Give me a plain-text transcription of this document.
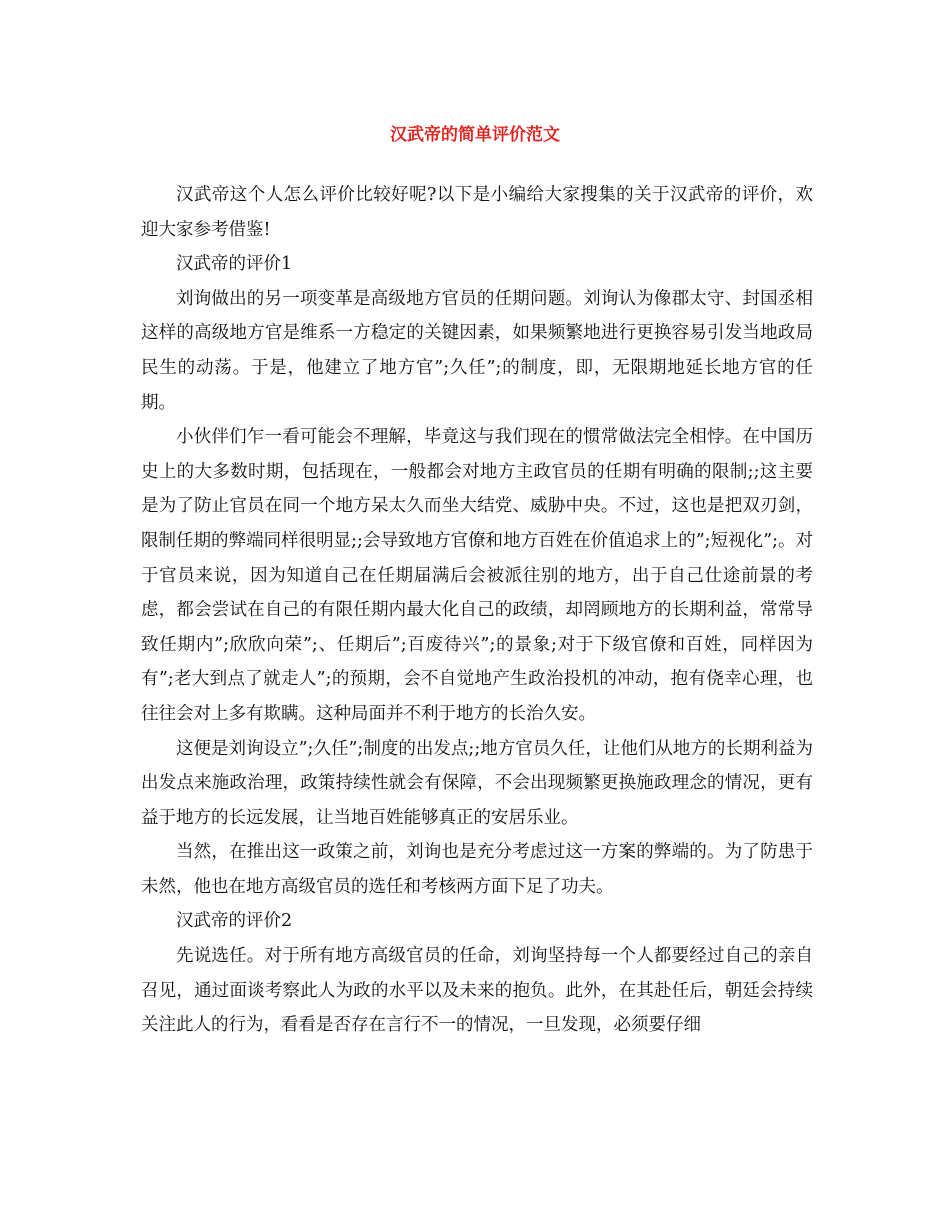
汉武帝的简单评价范文

汉武帝这个人怎么评价比较好呢?以下是小编给大家搜集的关于汉武帝的评价，欢迎大家参考借鉴!

汉武帝的评价1

刘询做出的另一项变革是高级地方官员的任期问题。刘询认为像郡太守、封国丞相这样的高级地方官是维系一方稳定的关键因素，如果频繁地进行更换容易引发当地政局民生的动荡。于是，他建立了地方官”;久任”;的制度，即，无限期地延长地方官的任期。

小伙伴们乍一看可能会不理解，毕竟这与我们现在的惯常做法完全相悖。在中国历史上的大多数时期，包括现在，一般都会对地方主政官员的任期有明确的限制;;这主要是为了防止官员在同一个地方呆太久而坐大结党、威胁中央。不过，这也是把双刃剑，限制任期的弊端同样很明显;;会导致地方官僚和地方百姓在价值追求上的”;短视化”;。对于官员来说，因为知道自己在任期届满后会被派往别的地方，出于自己仕途前景的考虑，都会尝试在自己的有限任期内最大化自己的政绩，却罔顾地方的长期利益，常常导致任期内”;欣欣向荣”;、任期后”;百废待兴”;的景象;对于下级官僚和百姓，同样因为有”;老大到点了就走人”;的预期，会不自觉地产生政治投机的冲动，抱有侥幸心理，也往往会对上多有欺瞒。这种局面并不利于地方的长治久安。

这便是刘询设立”;久任”;制度的出发点;;地方官员久任，让他们从地方的长期利益为出发点来施政治理，政策持续性就会有保障，不会出现频繁更换施政理念的情况，更有益于地方的长远发展，让当地百姓能够真正的安居乐业。

当然，在推出这一政策之前，刘询也是充分考虑过这一方案的弊端的。为了防患于未然，他也在地方高级官员的选任和考核两方面下足了功夫。

汉武帝的评价2

先说选任。对于所有地方高级官员的任命，刘询坚持每一个人都要经过自己的亲自召见，通过面谈考察此人为政的水平以及未来的抱负。此外，在其赴任后，朝廷会持续关注此人的行为，看看是否存在言行不一的情况，一旦发现，必须要仔细
